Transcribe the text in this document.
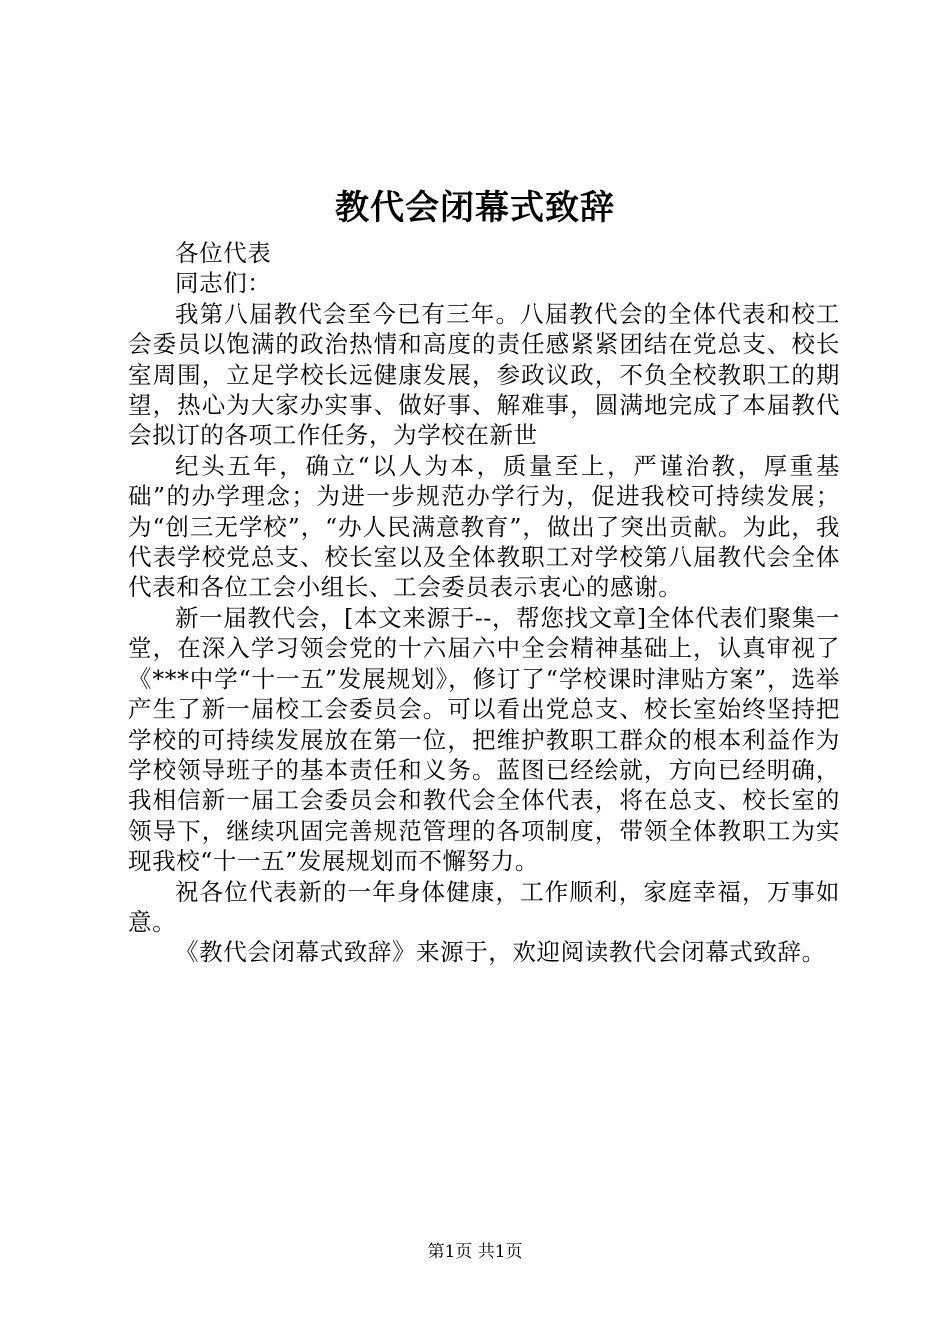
教代会闭幕式致辞

各位代表

同志们：

我第八届教代会至今已有三年。八届教代会的全体代表和校工会委员以饱满的政治热情和高度的责任感紧紧团结在党总支、校长室周围，立足学校长远健康发展，参政议政，不负全校教职工的期望，热心为大家办实事、做好事、解难事，圆满地完成了本届教代会拟订的各项工作任务，为学校在新世

纪头五年，确立“以人为本，质量至上，严谨治教，厚重基础”的办学理念；为进一步规范办学行为，促进我校可持续发展；为“创三无学校”，“办人民满意教育”，做出了突出贡献。为此，我代表学校党总支、校长室以及全体教职工对学校第八届教代会全体代表和各位工会小组长、工会委员表示衷心的感谢。

新一届教代会，[本文来源于--，帮您找文章]全体代表们聚集一堂，在深入学习领会党的十六届六中全会精神基础上，认真审视了《***中学“十一五”发展规划》，修订了“学校课时津贴方案”，选举产生了新一届校工会委员会。可以看出党总支、校长室始终坚持把学校的可持续发展放在第一位，把维护教职工群众的根本利益作为学校领导班子的基本责任和义务。蓝图已经绘就，方向已经明确，我相信新一届工会委员会和教代会全体代表，将在总支、校长室的领导下，继续巩固完善规范管理的各项制度，带领全体教职工为实现我校“十一五”发展规划而不懈努力。

祝各位代表新的一年身体健康，工作顺利，家庭幸福，万事如意。

《教代会闭幕式致辞》来源于，欢迎阅读教代会闭幕式致辞。

第1页 共1页
